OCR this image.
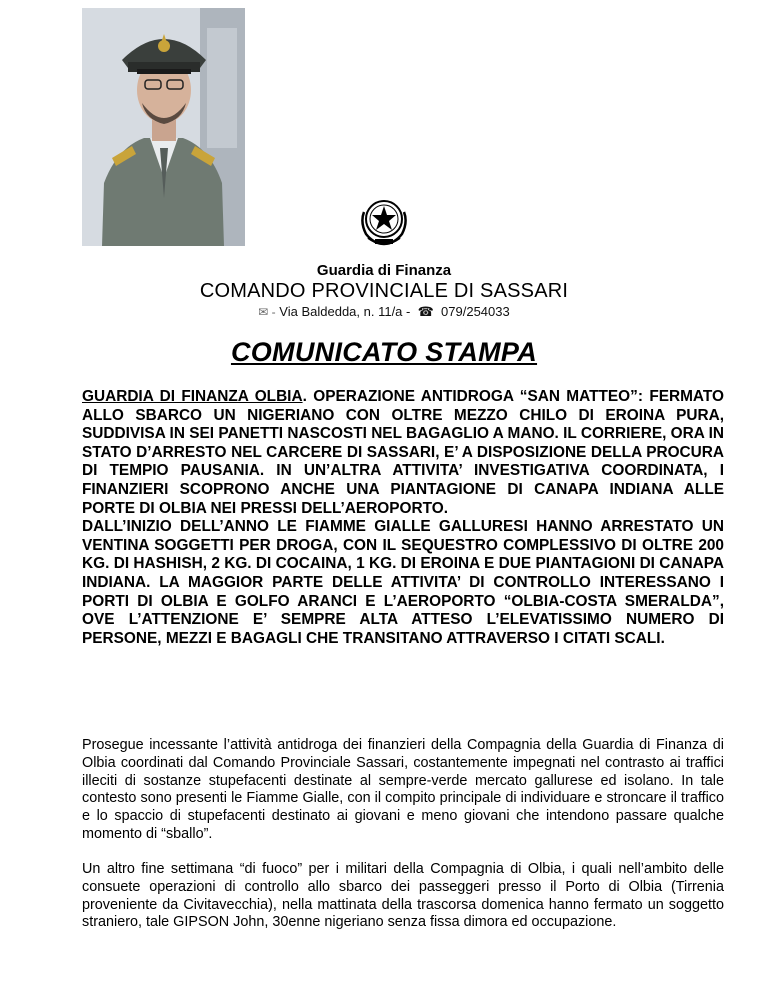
Guardia di Finanza
COMANDO PROVINCIALE DI SASSARI
✉ - Via Baldedda, n. 11/a -  ☎  079/254033
COMUNICATO STAMPA

GUARDIA DI FINANZA OLBIA. OPERAZIONE ANTIDROGA “SAN MATTEO”: FERMATO ALLO SBARCO UN NIGERIANO CON OLTRE MEZZO CHILO DI EROINA PURA, SUDDIVISA IN SEI PANETTI NASCOSTI NEL BAGAGLIO A MANO. IL CORRIERE, ORA IN STATO D’ARRESTO NEL CARCERE DI SASSARI, E’ A DISPOSIZIONE DELLA PROCURA DI TEMPIO PAUSANIA. IN UN’ALTRA ATTIVITA’ INVESTIGATIVA COORDINATA, I FINANZIERI SCOPRONO ANCHE UNA PIANTAGIONE DI CANAPA INDIANA ALLE PORTE DI OLBIA NEI PRESSI DELL’AEROPORTO.

DALL’INIZIO DELL’ANNO LE FIAMME GIALLE GALLURESI HANNO ARRESTATO UN VENTINA SOGGETTI PER DROGA, CON IL SEQUESTRO COMPLESSIVO DI OLTRE 200 KG. DI HASHISH, 2 KG. DI COCAINA, 1 KG. DI EROINA E DUE PIANTAGIONI DI CANAPA INDIANA. LA MAGGIOR PARTE DELLE ATTIVITA’ DI CONTROLLO INTERESSANO I PORTI DI OLBIA E GOLFO ARANCI E L’AEROPORTO “OLBIA-COSTA SMERALDA”, OVE L’ATTENZIONE E’ SEMPRE ALTA ATTESO L’ELEVATISSIMO NUMERO DI PERSONE, MEZZI E BAGAGLI CHE TRANSITANO ATTRAVERSO I CITATI SCALI.

Prosegue incessante l’attività antidroga dei finanzieri della Compagnia della Guardia di Finanza di Olbia coordinati dal Comando Provinciale Sassari, costantemente impegnati nel contrasto ai traffici illeciti di sostanze stupefacenti destinate al sempre-verde mercato gallurese ed isolano. In tale contesto sono presenti le Fiamme Gialle, con il compito principale di individuare e stroncare il traffico e lo spaccio di stupefacenti destinato ai giovani e meno giovani che intendono passare qualche momento di “sballo”.

Un altro fine settimana “di fuoco” per i militari della Compagnia di Olbia, i quali nell’ambito delle consuete operazioni di controllo allo sbarco dei passeggeri presso il Porto di Olbia (Tirrenia proveniente da Civitavecchia), nella mattinata della trascorsa domenica hanno fermato un soggetto straniero, tale GIPSON John, 30enne nigeriano senza fissa dimora ed occupazione.
